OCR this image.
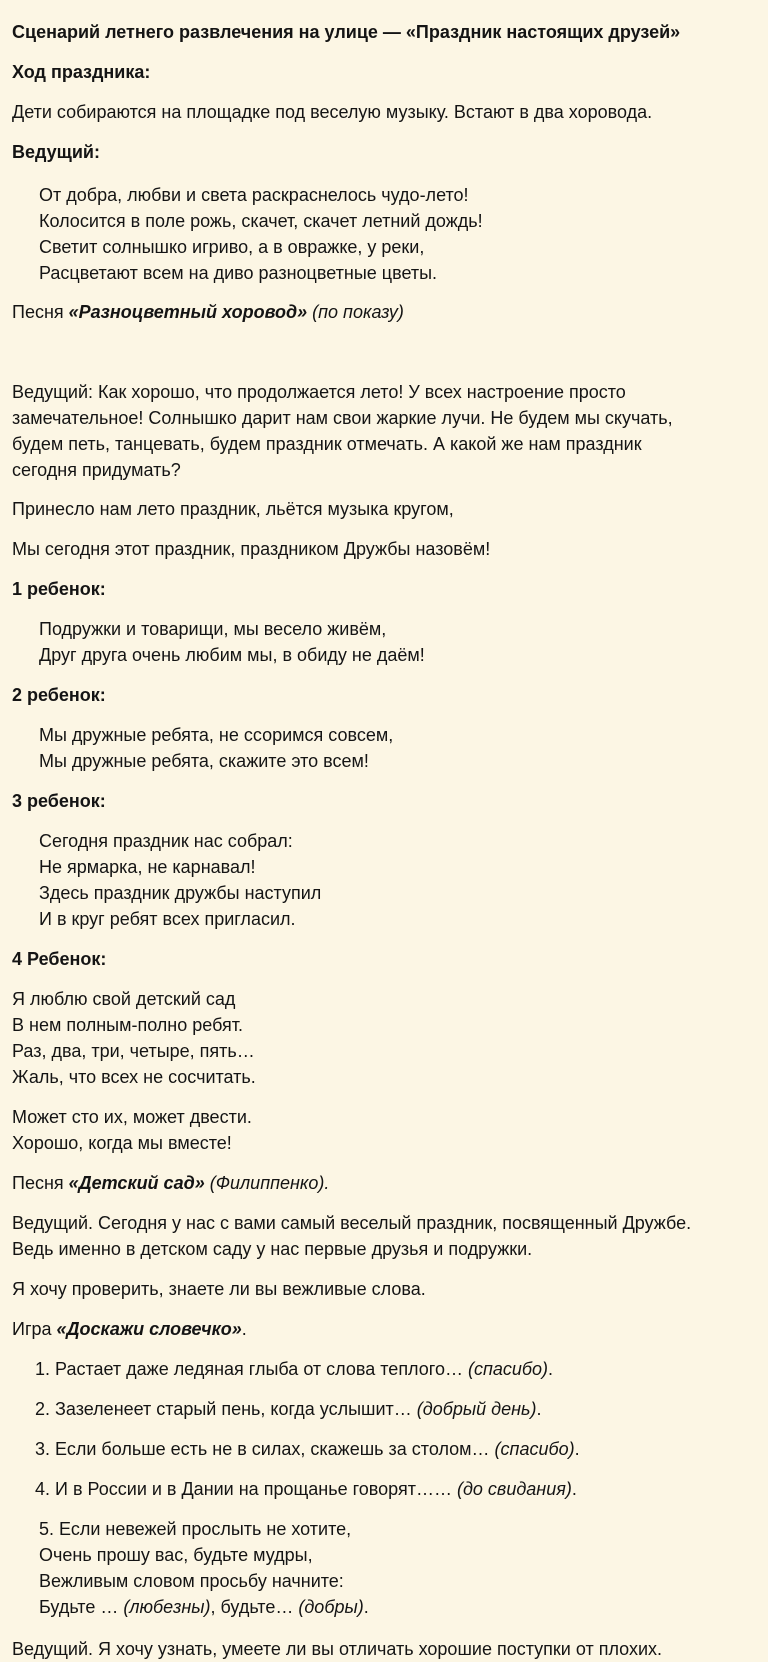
Сценарий летнего развлечения на улице — «Праздник настоящих друзей»
Ход праздника:
Дети собираются на площадке под веселую музыку. Встают в два хоровода.
Ведущий:
От добра, любви и света раскраснелось чудо-лето!
Колосится в поле рожь, скачет, скачет летний дождь!
Светит солнышко игриво, а в овражке, у реки,
Расцветают всем на диво разноцветные цветы.
Песня «Разноцветный хоровод» (по показу)
Ведущий: Как хорошо, что продолжается лето! У всех настроение просто
замечательное! Солнышко дарит нам свои жаркие лучи. Не будем мы скучать,
будем петь, танцевать, будем праздник отмечать. А какой же нам праздник
сегодня придумать?
Принесло нам лето праздник, льётся музыка кругом,
Мы сегодня этот праздник, праздником Дружбы назовём!
1 ребенок:
Подружки и товарищи, мы весело живём,
Друг друга очень любим мы, в обиду не даём!
2 ребенок:
Мы дружные ребята, не ссоримся совсем,
Мы дружные ребята, скажите это всем!
3 ребенок:
Сегодня праздник нас собрал:
Не ярмарка, не карнавал!
Здесь праздник дружбы наступил
И в круг ребят всех пригласил.
4 Ребенок:
Я люблю свой детский сад
В нем полным-полно ребят.
Раз, два, три, четыре, пять…
Жаль, что всех не сосчитать.
Может сто их, может двести.
Хорошо, когда мы вместе!
Песня «Детский сад» (Филиппенко).
Ведущий. Сегодня у нас с вами самый веселый праздник, посвященный Дружбе.
Ведь именно в детском саду у нас первые друзья и подружки.
Я хочу проверить, знаете ли вы вежливые слова.
Игра «Доскажи словечко».
1. Растает даже ледяная глыба от слова теплого… (спасибо).
2. Зазеленеет старый пень, когда услышит… (добрый день).
3. Если больше есть не в силах, скажешь за столом… (спасибо).
4. И в России и в Дании на прощанье говорят…… (до свидания).
5. Если невежей прослыть не хотите,
Очень прошу вас, будьте мудры,
Вежливым словом просьбу начните:
Будьте … (любезны), будьте… (добры).
Ведущий. Я хочу узнать, умеете ли вы отличать хорошие поступки от плохих.
